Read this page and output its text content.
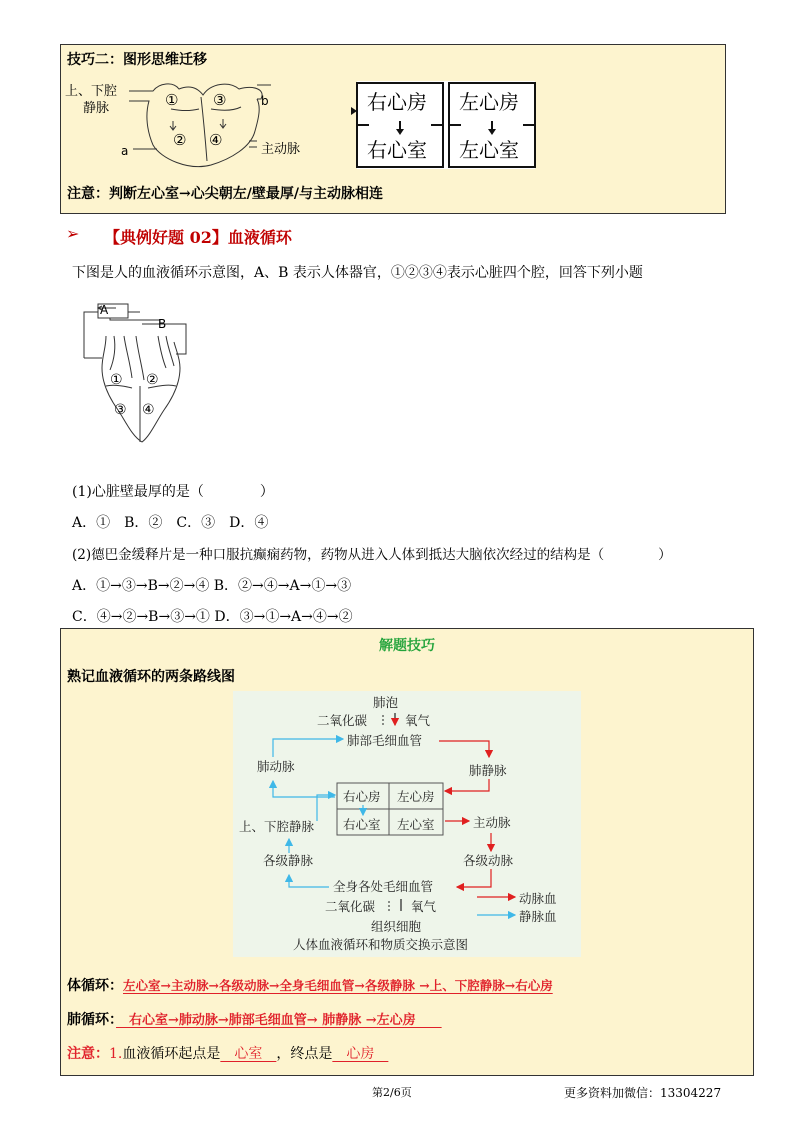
技巧二：图形思维迁移
上、下腔
静脉
a
b
主动脉
① ③
② ④
右心房 左心房
右心室 左心室
注意：判断左心室→心尖朝左/壁最厚/与主动脉相连
➢ 【典例好题 02】血液循环
下图是人的血液循环示意图，A、B 表示人体器官，①②③④表示心脏四个腔，回答下列小题
A
B
① ②
③ ④
(1)心脏壁最厚的是（　　　　）
A．①　B．②　C．③　D．④
(2)德巴金缓释片是一种口服抗癫痫药物，药物从进入人体到抵达大脑依次经过的结构是（　　　　）
A．①→③→B→②→④ B．②→④→A→①→③
C．④→②→B→③→① D．③→①→A→④→②
解题技巧
熟记血液循环的两条路线图
肺泡
二氧化碳	氧气
肺部毛细血管
肺动脉	肺静脉
右心房 左心房
右心室 左心室
上、下腔静脉	主动脉
各级静脉	各级动脉
全身各处毛细血管
二氧化碳	氧气
组织细胞
动脉血
静脉血
人体血液循环和物质交换示意图
体循环：左心室→主动脉→各级动脉→全身毛细血管→各级静脉 →上、下腔静脉→右心房
肺循环：　右心室→肺动脉→肺部毛细血管→ 肺静脉 →左心房　　
注意：1.血液循环起点是　心室　，终点是　心房　
第2/6页	更多资料加微信：13304227
